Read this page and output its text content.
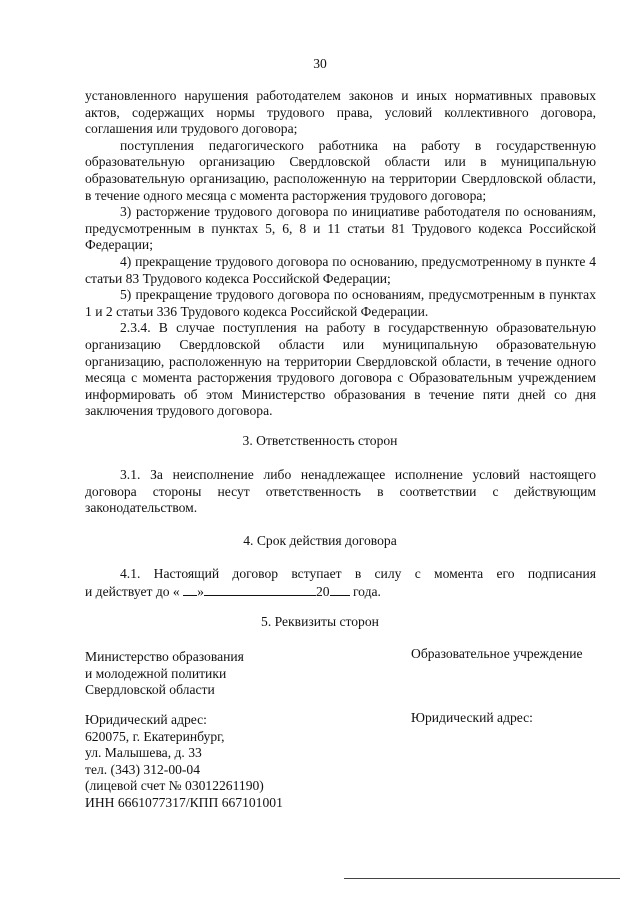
30

установленного нарушения работодателем законов и иных нормативных правовых актов, содержащих нормы трудового права, условий коллективного договора, соглашения или трудового договора;

поступления педагогического работника на работу в государственную образовательную организацию Свердловской области или в муниципальную образовательную организацию, расположенную на территории Свердловской области, в течение одного месяца с момента расторжения трудового договора;

3) расторжение трудового договора по инициативе работодателя по основаниям, предусмотренным в пунктах 5, 6, 8 и 11 статьи 81 Трудового кодекса Российской Федерации;

4) прекращение трудового договора по основанию, предусмотренному в пункте 4 статьи 83 Трудового кодекса Российской Федерации;

5) прекращение трудового договора по основаниям, предусмотренным в пунктах 1 и 2 статьи 336 Трудового кодекса Российской Федерации.

2.3.4. В случае поступления на работу в государственную образовательную организацию Свердловской области или муниципальную образовательную организацию, расположенную на территории Свердловской области, в течение одного месяца с момента расторжения трудового договора с Образовательным учреждением информировать об этом Министерство образования в течение пяти дней со дня заключения трудового договора.

3. Ответственность сторон

3.1. За неисполнение либо ненадлежащее исполнение условий настоящего договора стороны несут ответственность в соответствии с действующим законодательством.

4. Срок действия договора

4.1. Настоящий договор вступает в силу с момента его подписания

и действует до « »	20 года.
5. Реквизиты сторон
Министерство образования
и молодежной политики
Свердловской области
Образовательное учреждение
Юридический адрес:
620075, г. Екатеринбург,
ул. Малышева, д. 33
тел. (343) 312-00-04
(лицевой счет № 03012261190)
ИНН 6661077317/КПП 667101001
Юридический адрес:
